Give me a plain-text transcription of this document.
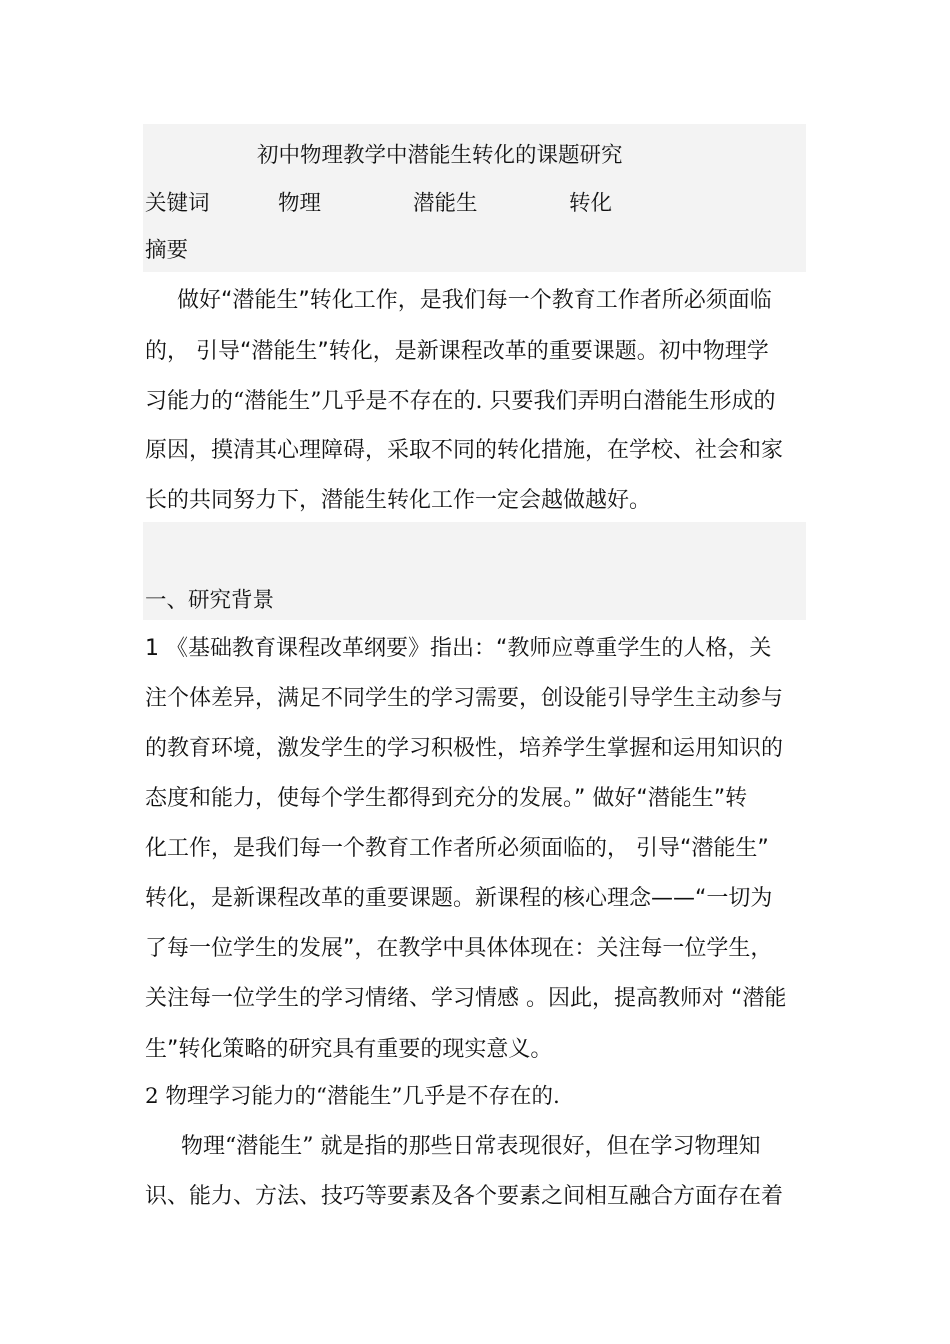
初中物理教学中潜能生转化的课题研究
关键词	物理	潜能生	转化
摘要
做好“潜能生”转化工作，是我们每一个教育工作者所必须面临
的， 引导“潜能生”转化，是新课程改革的重要课题。初中物理学
习能力的“潜能生”几乎是不存在的. 只要我们弄明白潜能生形成的
原因，摸清其心理障碍，采取不同的转化措施，在学校、社会和家
长的共同努力下，潜能生转化工作一定会越做越好。
一、研究背景
1 《基础教育课程改革纲要》指出：“教师应尊重学生的人格，关
注个体差异，满足不同学生的学习需要，创设能引导学生主动参与
的教育环境，激发学生的学习积极性，培养学生掌握和运用知识的
态度和能力，使每个学生都得到充分的发展。” 做好“潜能生”转
化工作，是我们每一个教育工作者所必须面临的， 引导“潜能生”
转化，是新课程改革的重要课题。新课程的核心理念——“一切为
了每一位学生的发展”，在教学中具体体现在：关注每一位学生，
关注每一位学生的学习情绪、学习情感 。因此，提高教师对 “潜能
生”转化策略的研究具有重要的现实意义。
2 物理学习能力的“潜能生”几乎是不存在的.
物理“潜能生” 就是指的那些日常表现很好，但在学习物理知
识、能力、方法、技巧等要素及各个要素之间相互融合方面存在着
